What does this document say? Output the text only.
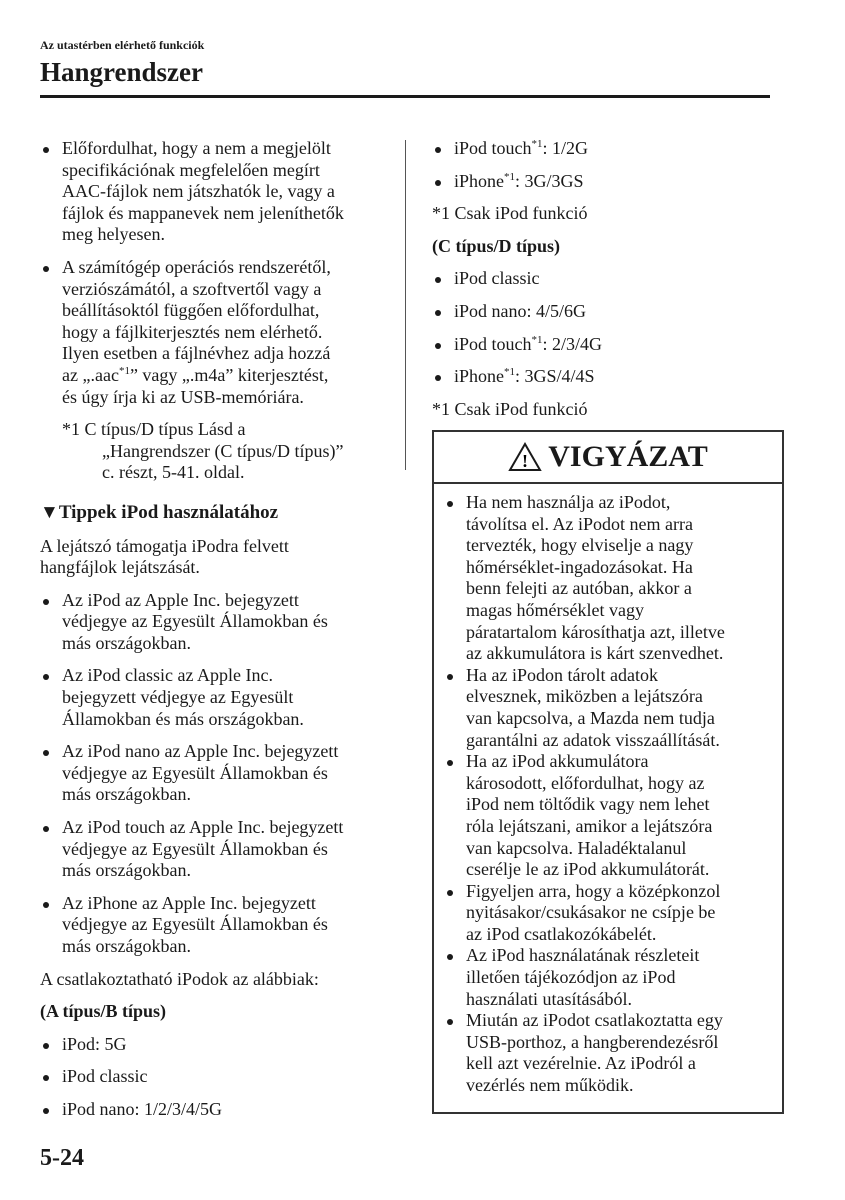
Az utastérben elérhető funkciók
Hangrendszer
Előfordulhat, hogy a nem a megjelölt
specifikációnak megfelelően megírt
AAC-fájlok nem játszhatók le, vagy a
fájlok és mappanevek nem jeleníthetők
meg helyesen.
A számítógép operációs rendszerétől,
verziószámától, a szoftvertől vagy a
beállításoktól függően előfordulhat,
hogy a fájlkiterjesztés nem elérhető.
Ilyen esetben a fájlnévhez adja hozzá
az „.aac$^{*1}$” vagy „.m4a” kiterjesztést,
és úgy írja ki az USB-memóriára.
*1 C típus/D típus Lásd a
„Hangrendszer (C típus/D típus)”
c. részt, 5-41. oldal.
▼Tippek iPod használatához
A lejátszó támogatja iPodra felvett
hangfájlok lejátszását.
Az iPod az Apple Inc. bejegyzett
védjegye az Egyesült Államokban és
más országokban.
Az iPod classic az Apple Inc.
bejegyzett védjegye az Egyesült
Államokban és más országokban.
Az iPod nano az Apple Inc. bejegyzett
védjegye az Egyesült Államokban és
más országokban.
Az iPod touch az Apple Inc. bejegyzett
védjegye az Egyesült Államokban és
más országokban.
Az iPhone az Apple Inc. bejegyzett
védjegye az Egyesült Államokban és
más országokban.
A csatlakoztatható iPodok az alábbiak:
(A típus/B típus)
iPod: 5G
iPod classic
iPod nano: 1/2/3/4/5G
iPod touch$^{*1}$: 1/2G
iPhone$^{*1}$: 3G/3GS
*1 Csak iPod funkció
(C típus/D típus)
iPod classic
iPod nano: 4/5/6G
iPod touch$^{*1}$: 2/3/4G
iPhone$^{*1}$: 3GS/4/4S
*1 Csak iPod funkció
! VIGYÁZAT
Ha nem használja az iPodot,
távolítsa el. Az iPodot nem arra
tervezték, hogy elviselje a nagy
hőmérséklet-ingadozásokat. Ha
benn felejti az autóban, akkor a
magas hőmérséklet vagy
páratartalom károsíthatja azt, illetve
az akkumulátora is kárt szenvedhet.
Ha az iPodon tárolt adatok
elvesznek, miközben a lejátszóra
van kapcsolva, a Mazda nem tudja
garantálni az adatok visszaállítását.
Ha az iPod akkumulátora
károsodott, előfordulhat, hogy az
iPod nem töltődik vagy nem lehet
róla lejátszani, amikor a lejátszóra
van kapcsolva. Haladéktalanul
cserélje le az iPod akkumulátorát.
Figyeljen arra, hogy a középkonzol
nyitásakor/csukásakor ne csípje be
az iPod csatlakozókábelét.
Az iPod használatának részleteit
illetően tájékozódjon az iPod
használati utasításából.
Miután az iPodot csatlakoztatta egy
USB-porthoz, a hangberendezésről
kell azt vezérelnie. Az iPodról a
vezérlés nem működik.
5-24
